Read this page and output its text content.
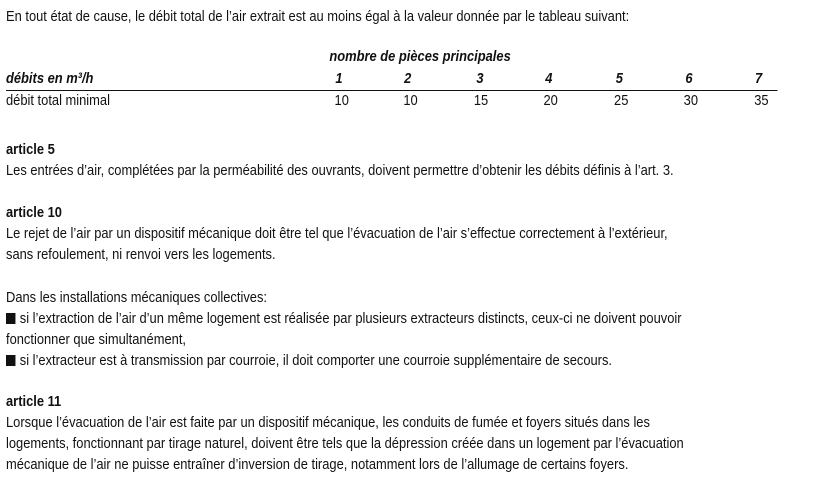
En tout état de cause, le débit total de l’air extrait est au moins égal à la valeur donnée par le tableau suivant:
nombre de pièces principales
débits en m³/h	1	2	3	4	5	6	7
débit total minimal	10	10	15	20	25	30	35
article 5
Les entrées d’air, complétées par la perméabilité des ouvrants, doivent permettre d’obtenir les débits définis à l’art. 3.
article 10
Le rejet de l’air par un dispositif mécanique doit être tel que l’évacuation de l’air s’effectue correctement à l’extérieur,
sans refoulement, ni renvoi vers les logements.
Dans les installations mécaniques collectives:
si l’extraction de l’air d’un même logement est réalisée par plusieurs extracteurs distincts, ceux-ci ne doivent pouvoir
fonctionner que simultanément,
si l’extracteur est à transmission par courroie, il doit comporter une courroie supplémentaire de secours.
article 11
Lorsque l’évacuation de l’air est faite par un dispositif mécanique, les conduits de fumée et foyers situés dans les
logements, fonctionnant par tirage naturel, doivent être tels que la dépression créée dans un logement par l’évacuation
mécanique de l’air ne puisse entraîner d’inversion de tirage, notamment lors de l’allumage de certains foyers.
